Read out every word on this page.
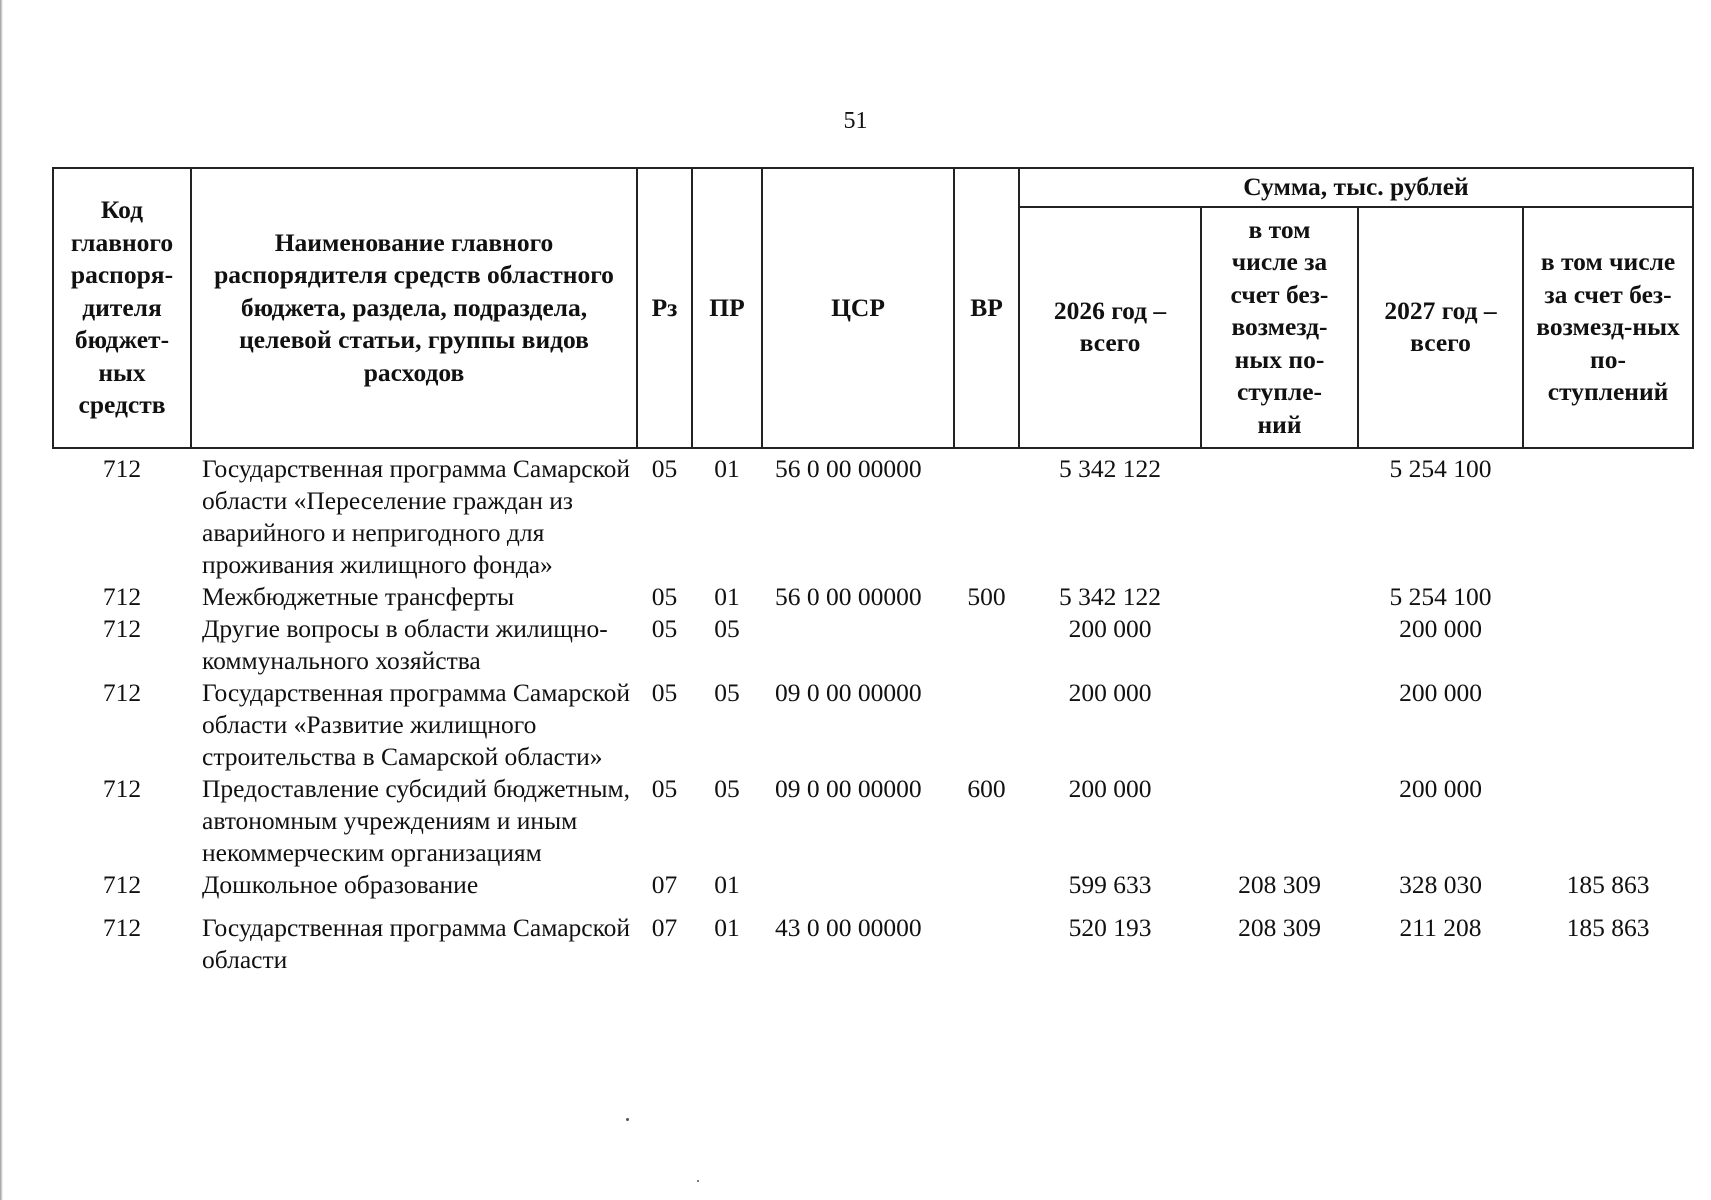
51
Код главного распоря-дителя бюджет-ных средств	Наименование главного распорядителя средств областного бюджета, раздела, подраздела, целевой статьи, группы видов расходов	Рз	ПР	ЦСР	ВР	Сумма, тыс. рублей			
						2026 год – всего	в том числе за счет без-возмезд-ных по-ступле-ний	2027 год – всего	в том числе за счет без-возмезд-ных по-ступлений
712	Государственная программа Самарской области «Переселение граждан из аварийного и непригодного для проживания жилищного фонда»	05	01	56 0 00 00000		5 342 122		5 254 100	
712	Межбюджетные трансферты	05	01	56 0 00 00000	500	5 342 122		5 254 100	
712	Другие вопросы в области жилищно-коммунального хозяйства	05	05			200 000		200 000	
712	Государственная программа Самарской области «Развитие жилищного строительства в Самарской области»	05	05	09 0 00 00000		200 000		200 000	
712	Предоставление субсидий бюджетным, автономным учреждениям и иным некоммерческим организациям	05	05	09 0 00 00000	600	200 000		200 000	
712	Дошкольное образование	07	01			599 633	208 309	328 030	185 863
712	Государственная программа Самарской области	07	01	43 0 00 00000		520 193	208 309	211 208	185 863
